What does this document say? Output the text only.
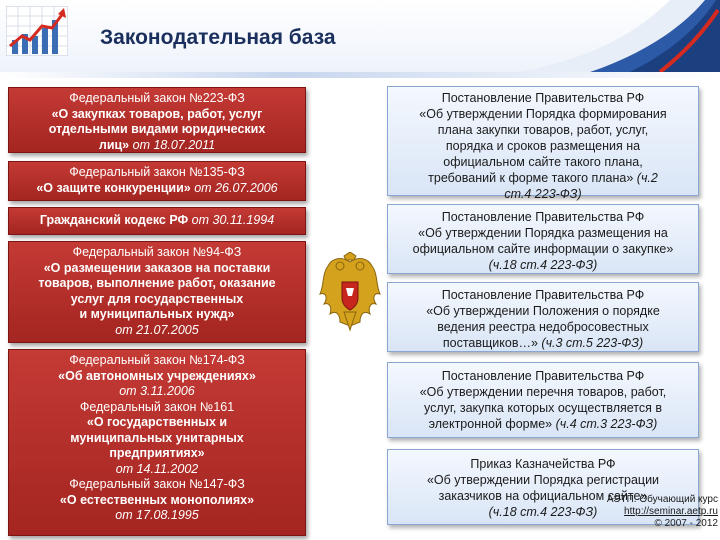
Законодательная база
Федеральный закон №223-ФЗ
«О закупках товаров, работ, услуг
отдельными видами юридических
лиц» от 18.07.2011
Федеральный закон №135-ФЗ
«О защите конкуренции» от 26.07.2006
Гражданский кодекс РФ от 30.11.1994
Федеральный закон №94-ФЗ
«О размещении заказов на поставки
товаров, выполнение работ, оказание
услуг для государственных
и муниципальных нужд»
от 21.07.2005
Федеральный закон №174-ФЗ
«Об автономных учреждениях»
от 3.11.2006
Федеральный закон №161
«О государственных и
муниципальных унитарных
предприятиях»
от 14.11.2002
Федеральный закон №147-ФЗ
«О естественных монополиях»
от 17.08.1995
Постановление Правительства РФ
«Об утверждении Порядка формирования
плана закупки товаров, работ, услуг,
порядка и сроков размещения на
официальном сайте такого плана,
требований к форме такого плана» (ч.2
ст.4 223-ФЗ)
Постановление Правительства РФ
«Об утверждении Порядка размещения на
официальном сайте информации о закупке»
(ч.18 ст.4 223-ФЗ)
Постановление Правительства РФ
«Об утверждении Положения о порядке
ведения реестра недобросовестных
поставщиков…» (ч.3 ст.5 223-ФЗ)
Постановление Правительства РФ
«Об утверждении перечня товаров, работ,
услуг, закупка которых осуществляется в
электронной форме» (ч.4 ст.3 223-ФЗ)
Приказ Казначейства РФ
«Об утверждении Порядка регистрации
заказчиков на официальном сайте»
(ч.18 ст.4 223-ФЗ)
АЭТП. Обучающий курс
http://seminar.aetp.ru
© 2007 - 2012
